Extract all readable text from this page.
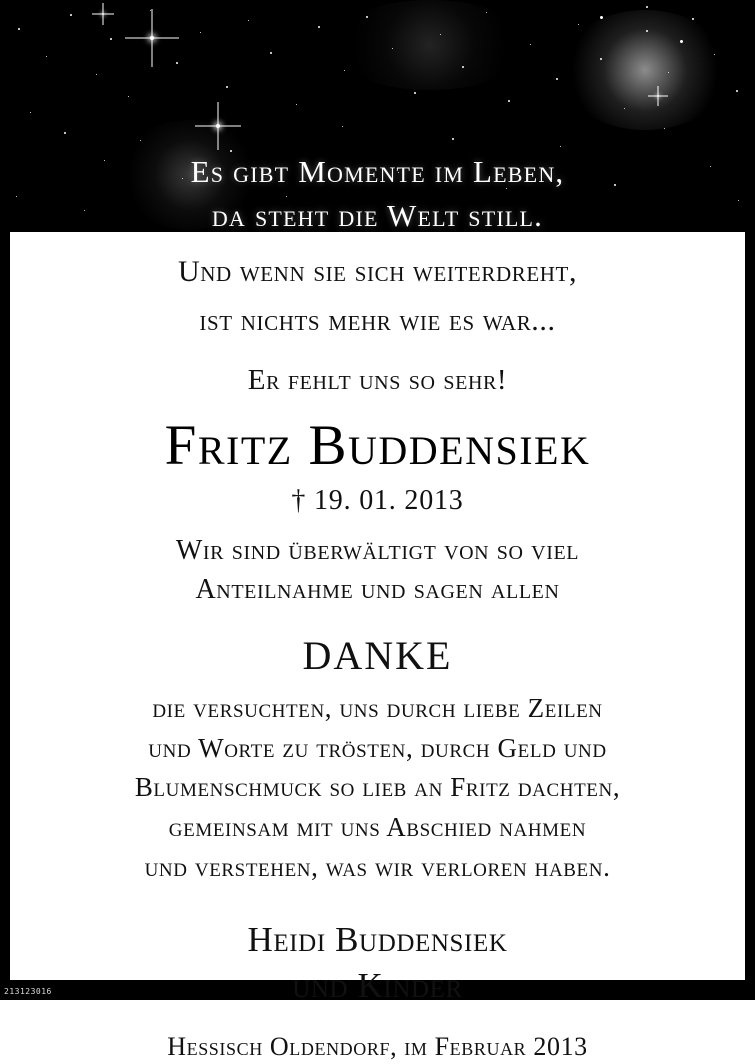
Es gibt Momente im Leben,
da steht die Welt still.
Und wenn sie sich weiterdreht,
ist nichts mehr wie es war...
Er fehlt uns so sehr!
Fritz Buddensiek
† 19. 01. 2013
Wir sind überwältigt von so viel
Anteilnahme und sagen allen
DANKE
die versuchten, uns durch liebe Zeilen
und Worte zu trösten, durch Geld und
Blumenschmuck so lieb an Fritz dachten,
gemeinsam mit uns Abschied nahmen
und verstehen, was wir verloren haben.
Heidi Buddensiek
und Kinder
Hessisch Oldendorf, im Februar 2013
213123016
